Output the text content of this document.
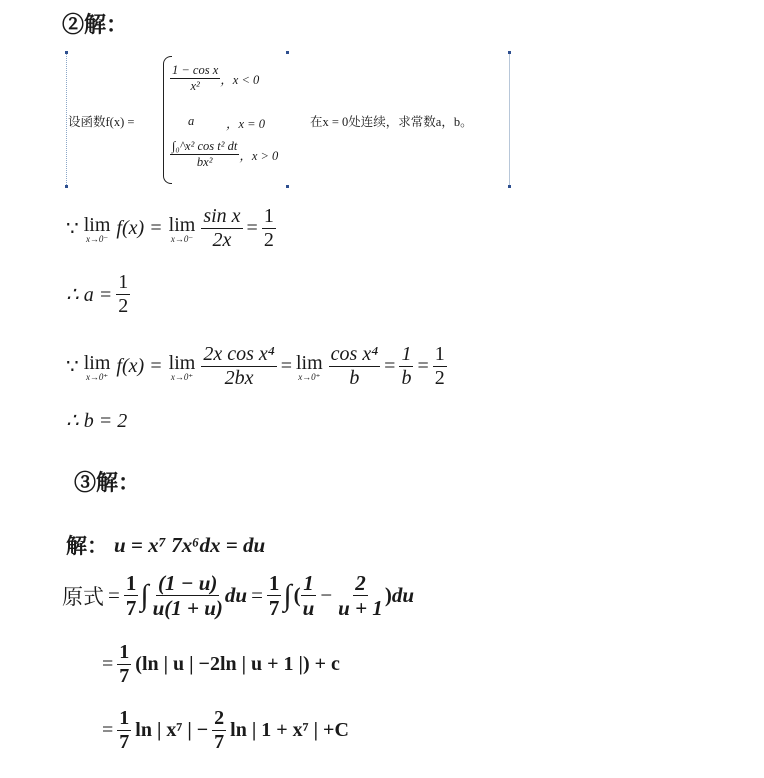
②解：
设函数f(x) =
$\frac{\text{1 − cos x}}{\text{x²}}$ ，x < 0
a	，x = 0
$\frac{\text{∫₀\textasciicircum{}x² cos t² dt}}{\text{bx²}}$ ，x > 0
在x = 0处连续，求常数a，b。
∵ lim
x→0⁻ f(x) = lim
$x\to 0^- \frac{\text{sin x}}{2x} = \frac{1}{2}$
∴ $a = \frac{1}{2}$
∵ lim
x→0⁺ f(x) = lim
$x\to 0^+ \frac{\text{2x cos x⁴}}{2bx} = \lim$
$x\to 0^+ \frac{\text{cos x⁴}}{b} = \frac{1}{b} = \frac{1}{2}$
∴ b = 2
③解：
解： u = x⁷ 7x⁶dx = du
原式 = $\frac{1}{7}$ ∫ $\frac{(1 - u)}{u(1 + u)}$ du = $\frac{1}{7}$ ∫ ( $\frac{1}{u} - \frac{2}{u + 1}$ ) du
= $\frac{1}{7} (\ln$ | u | −2ln | u + 1 |) + c
= $\frac{1}{7}$ ln | x⁷ | − $\frac{2}{7}$ ln | 1 + x⁷ | +C
